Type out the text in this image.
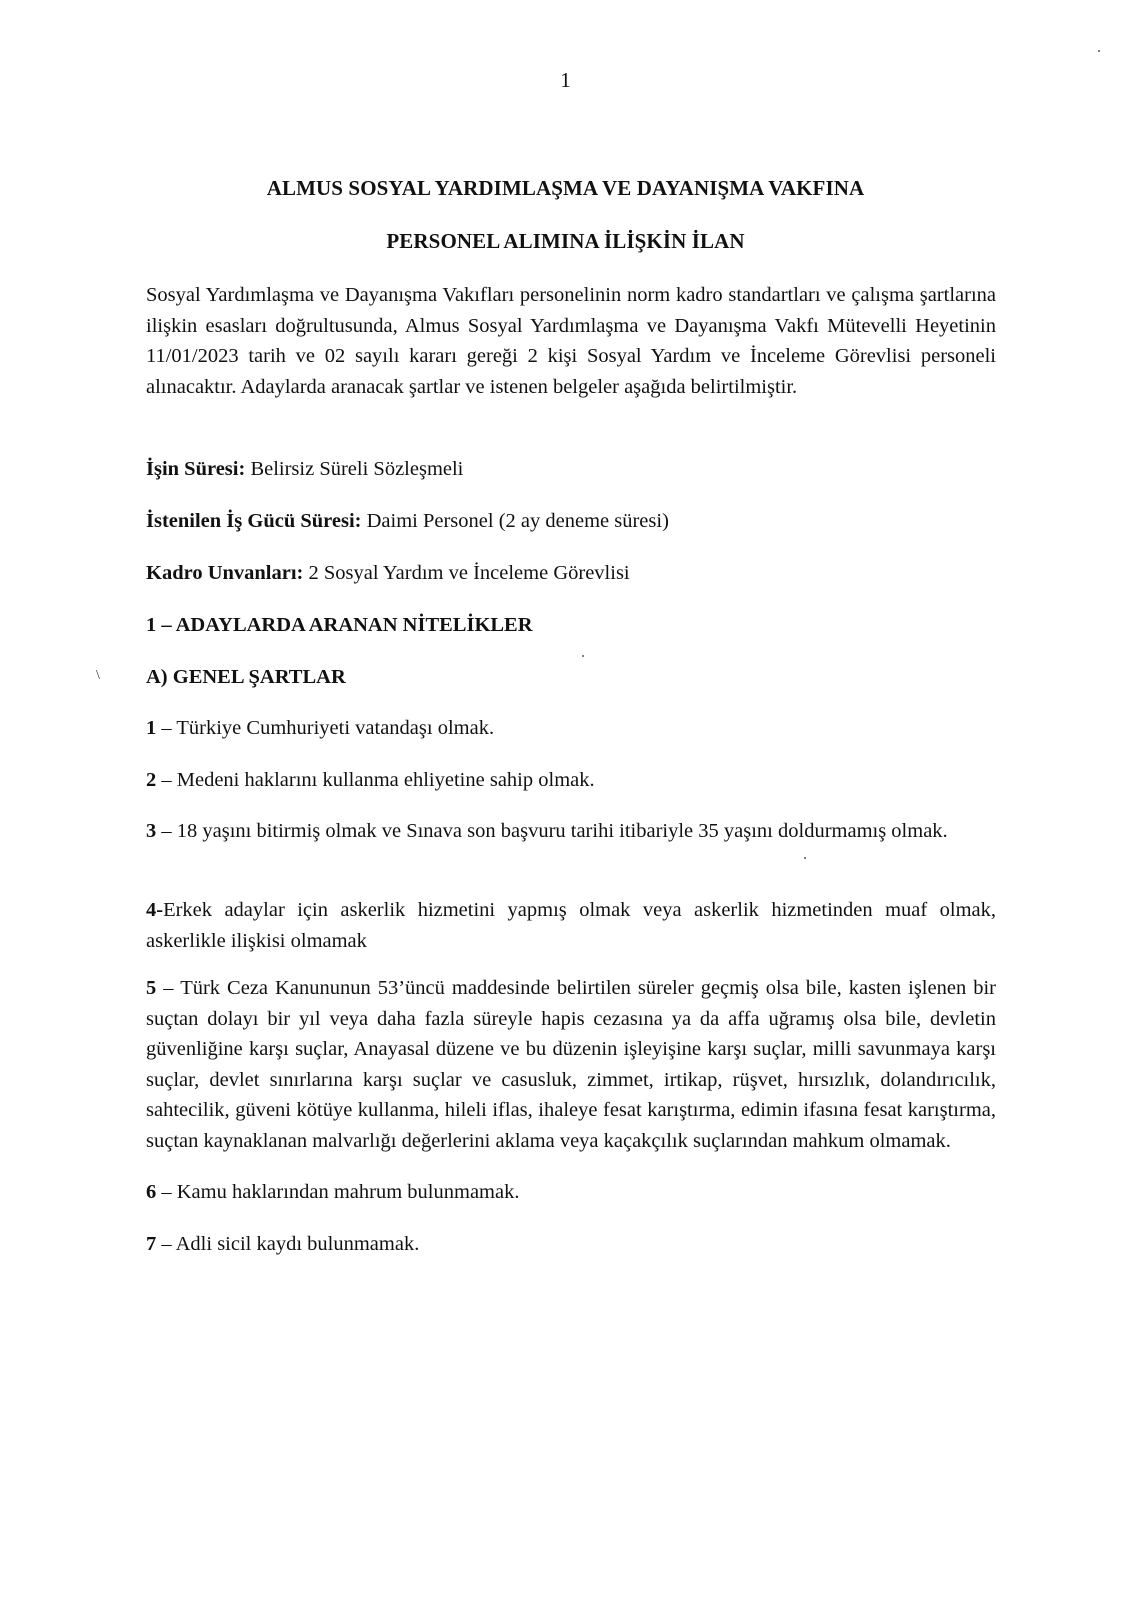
1
ALMUS SOSYAL YARDIMLAŞMA VE DAYANIŞMA VAKFINA
PERSONEL ALIMINA İLİŞKİN İLAN
Sosyal Yardımlaşma ve Dayanışma Vakıfları personelinin norm kadro standartları ve çalışma şartlarına ilişkin esasları doğrultusunda, Almus Sosyal Yardımlaşma ve Dayanışma Vakfı Mütevelli Heyetinin 11/01/2023 tarih ve 02 sayılı kararı gereği 2 kişi Sosyal Yardım ve İnceleme Görevlisi personeli alınacaktır. Adaylarda aranacak şartlar ve istenen belgeler aşağıda belirtilmiştir.
İşin Süresi: Belirsiz Süreli Sözleşmeli
İstenilen İş Gücü Süresi: Daimi Personel (2 ay deneme süresi)
Kadro Unvanları: 2 Sosyal Yardım ve İnceleme Görevlisi
1 – ADAYLARDA ARANAN NİTELİKLER
A) GENEL ŞARTLAR
1 – Türkiye Cumhuriyeti vatandaşı olmak.
2 – Medeni haklarını kullanma ehliyetine sahip olmak.
3 – 18 yaşını bitirmiş olmak ve Sınava son başvuru tarihi itibariyle 35 yaşını doldurmamış olmak.
4-Erkek adaylar için askerlik hizmetini yapmış olmak veya askerlik hizmetinden muaf olmak, askerlikle ilişkisi olmamak
5 – Türk Ceza Kanununun 53’üncü maddesinde belirtilen süreler geçmiş olsa bile, kasten işlenen bir suçtan dolayı bir yıl veya daha fazla süreyle hapis cezasına ya da affa uğramış olsa bile, devletin güvenliğine karşı suçlar, Anayasal düzene ve bu düzenin işleyişine karşı suçlar, milli savunmaya karşı suçlar, devlet sınırlarına karşı suçlar ve casusluk, zimmet, irtikap, rüşvet, hırsızlık, dolandırıcılık, sahtecilik, güveni kötüye kullanma, hileli iflas, ihaleye fesat karıştırma, edimin ifasına fesat karıştırma, suçtan kaynaklanan malvarlığı değerlerini aklama veya kaçakçılık suçlarından mahkum olmamak.
6 – Kamu haklarından mahrum bulunmamak.
7 – Adli sicil kaydı bulunmamak.
\
